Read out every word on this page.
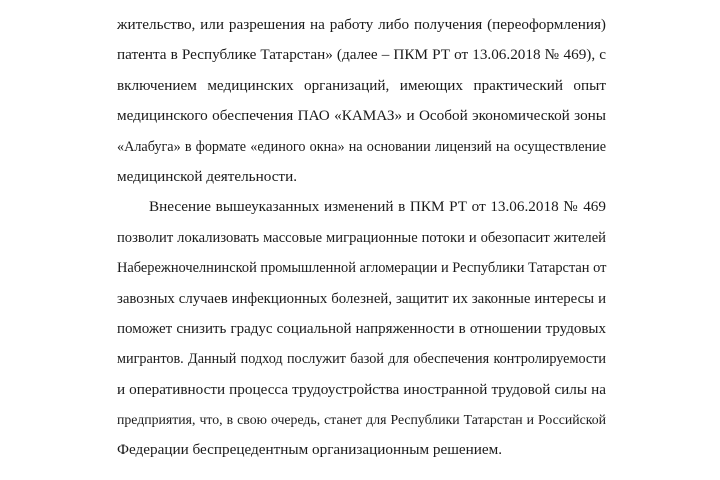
жительство, или разрешения на работу либо получения (переоформления)
патента в Республике Татарстан» (далее – ПКМ РТ от 13.06.2018 № 469), с
включением медицинских организаций, имеющих практический опыт
медицинского обеспечения ПАО «КАМАЗ» и Особой экономической зоны
«Алабуга» в формате «единого окна» на основании лицензий на осуществление
медицинской деятельности.
Внесение вышеуказанных изменений в ПКМ РТ от 13.06.2018 № 469
позволит локализовать массовые миграционные потоки и обезопасит жителей
Набережночелнинской промышленной агломерации и Республики Татарстан от
завозных случаев инфекционных болезней, защитит их законные интересы и
поможет снизить градус социальной напряженности в отношении трудовых
мигрантов. Данный подход послужит базой для обеспечения контролируемости
и оперативности процесса трудоустройства иностранной трудовой силы на
предприятия, что, в свою очередь, станет для Республики Татарстан и Российской
Федерации беспрецедентным организационным решением.
